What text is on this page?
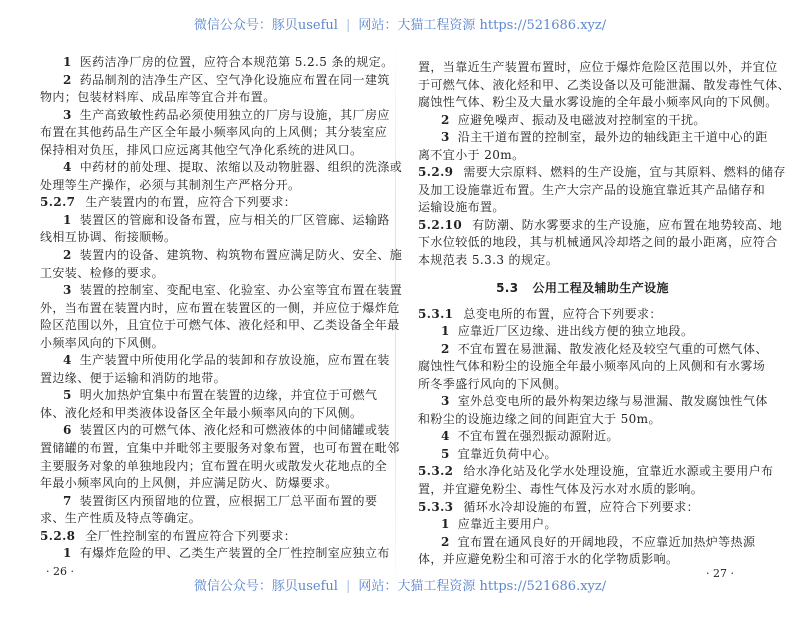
微信公众号：豚贝useful | 网站：大猫工程资源 https://521686.xyz/
1 医药洁净厂房的位置，应符合本规范第 5.2.5 条的规定。
2 药品制剂的洁净生产区、空气净化设施应布置在同一建筑
物内；包装材料库、成品库等宜合并布置。
3 生产高致敏性药品必须使用独立的厂房与设施，其厂房应
布置在其他药品生产区全年最小频率风向的上风侧；其分装室应
保持相对负压，排风口应远离其他空气净化系统的进风口。
4 中药材的前处理、提取、浓缩以及动物脏器、组织的洗涤或
处理等生产操作，必须与其制剂生产严格分开。
5.2.7 生产装置内的布置，应符合下列要求：
1 装置区的管廊和设备布置，应与相关的厂区管廊、运输路
线相互协调、衔接顺畅。
2 装置内的设备、建筑物、构筑物布置应满足防火、安全、施
工安装、检修的要求。
3 装置的控制室、变配电室、化验室、办公室等宜布置在装置
外，当布置在装置内时，应布置在装置区的一侧，并应位于爆炸危
险区范围以外，且宜位于可燃气体、液化烃和甲、乙类设备全年最
小频率风向的下风侧。
4 生产装置中所使用化学品的装卸和存放设施，应布置在装
置边缘、便于运输和消防的地带。
5 明火加热炉宜集中布置在装置的边缘，并宜位于可燃气
体、液化烃和甲类液体设备区全年最小频率风向的下风侧。
6 装置区内的可燃气体、液化烃和可燃液体的中间储罐或装
置储罐的布置，宜集中并毗邻主要服务对象布置，也可布置在毗邻
主要服务对象的单独地段内；宜布置在明火或散发火花地点的全
年最小频率风向的上风侧，并应满足防火、防爆要求。
7 装置街区内预留地的位置，应根据工厂总平面布置的要
求、生产性质及特点等确定。
5.2.8 全厂性控制室的布置应符合下列要求：
1 有爆炸危险的甲、乙类生产装置的全厂性控制室应独立布
置，当靠近生产装置布置时，应位于爆炸危险区范围以外，并宜位
于可燃气体、液化烃和甲、乙类设备以及可能泄漏、散发毒性气体、
腐蚀性气体、粉尘及大量水雾设施的全年最小频率风向的下风侧。
2 应避免噪声、振动及电磁波对控制室的干扰。
3 沿主干道布置的控制室，最外边的轴线距主干道中心的距
离不宜小于 20m。
5.2.9 需要大宗原料、燃料的生产设施，宜与其原料、燃料的储存
及加工设施靠近布置。生产大宗产品的设施宜靠近其产品储存和
运输设施布置。
5.2.10 有防潮、防水雾要求的生产设施，应布置在地势较高、地
下水位较低的地段，其与机械通风冷却塔之间的最小距离，应符合
本规范表 5.3.3 的规定。
5.3 公用工程及辅助生产设施
5.3.1 总变电所的布置，应符合下列要求：
1 应靠近厂区边缘、进出线方便的独立地段。
2 不宜布置在易泄漏、散发液化烃及较空气重的可燃气体、
腐蚀性气体和粉尘的设施全年最小频率风向的上风侧和有水雾场
所冬季盛行风向的下风侧。
3 室外总变电所的最外构架边缘与易泄漏、散发腐蚀性气体
和粉尘的设施边缘之间的间距宜大于 50m。
4 不宜布置在强烈振动源附近。
5 宜靠近负荷中心。
5.3.2 给水净化站及化学水处理设施，宜靠近水源或主要用户布
置，并宜避免粉尘、毒性气体及污水对水质的影响。
5.3.3 循环水冷却设施的布置，应符合下列要求：
1 应靠近主要用户。
2 宜布置在通风良好的开阔地段，不应靠近加热炉等热源
体，并应避免粉尘和可溶于水的化学物质影响。
· 26 ·	· 27 ·
微信公众号：豚贝useful | 网站：大猫工程资源 https://521686.xyz/
